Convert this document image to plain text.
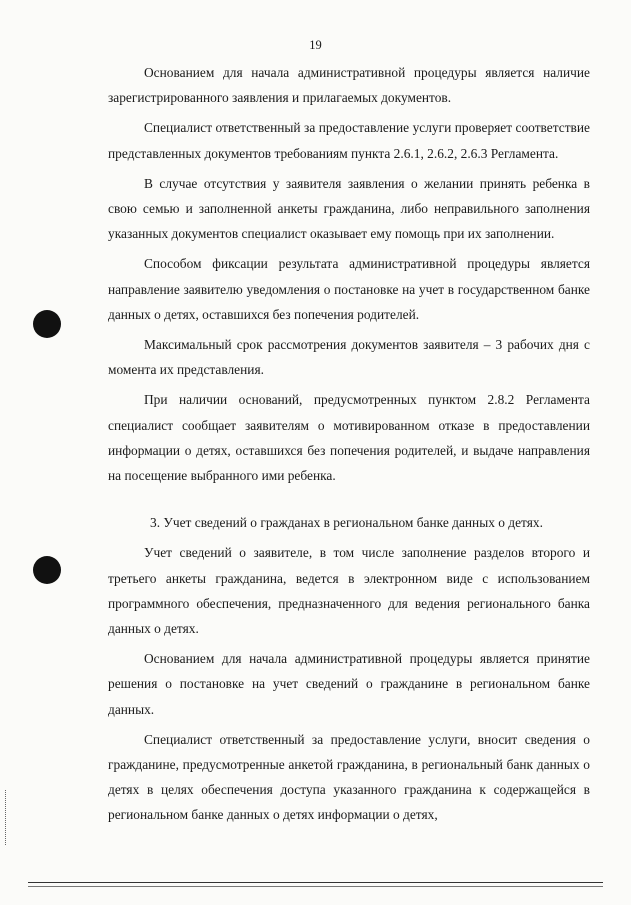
19

Основанием для начала административной процедуры является наличие зарегистрированного заявления и прилагаемых документов.

Специалист ответственный за предоставление услуги проверяет соответствие представленных документов требованиям пункта 2.6.1, 2.6.2, 2.6.3 Регламента.

В случае отсутствия у заявителя заявления о желании принять ребенка в свою семью и заполненной анкеты гражданина, либо неправильного заполнения указанных документов специалист оказывает ему помощь при их заполнении.

Способом фиксации результата административной процедуры является направление заявителю уведомления о постановке на учет в государственном банке данных о детях, оставшихся без попечения родителей.

Максимальный срок рассмотрения документов заявителя – 3 рабочих дня с момента их представления.

При наличии оснований, предусмотренных пунктом 2.8.2 Регламента специалист сообщает заявителям о мотивированном отказе в предоставлении информации о детях, оставшихся без попечения родителей, и выдаче направления на посещение выбранного ими ребенка.

3. Учет сведений о гражданах в региональном банке данных о детях.

Учет сведений о заявителе, в том числе заполнение разделов второго и третьего анкеты гражданина, ведется в электронном виде с использованием программного обеспечения, предназначенного для ведения регионального банка данных о детях.

Основанием для начала административной процедуры является принятие решения о постановке на учет сведений о гражданине в региональном банке данных.

Специалист ответственный за предоставление услуги, вносит сведения о гражданине, предусмотренные анкетой гражданина, в региональный банк данных о детях в целях обеспечения доступа указанного гражданина к содержащейся в региональном банке данных о детях информации о детях,
